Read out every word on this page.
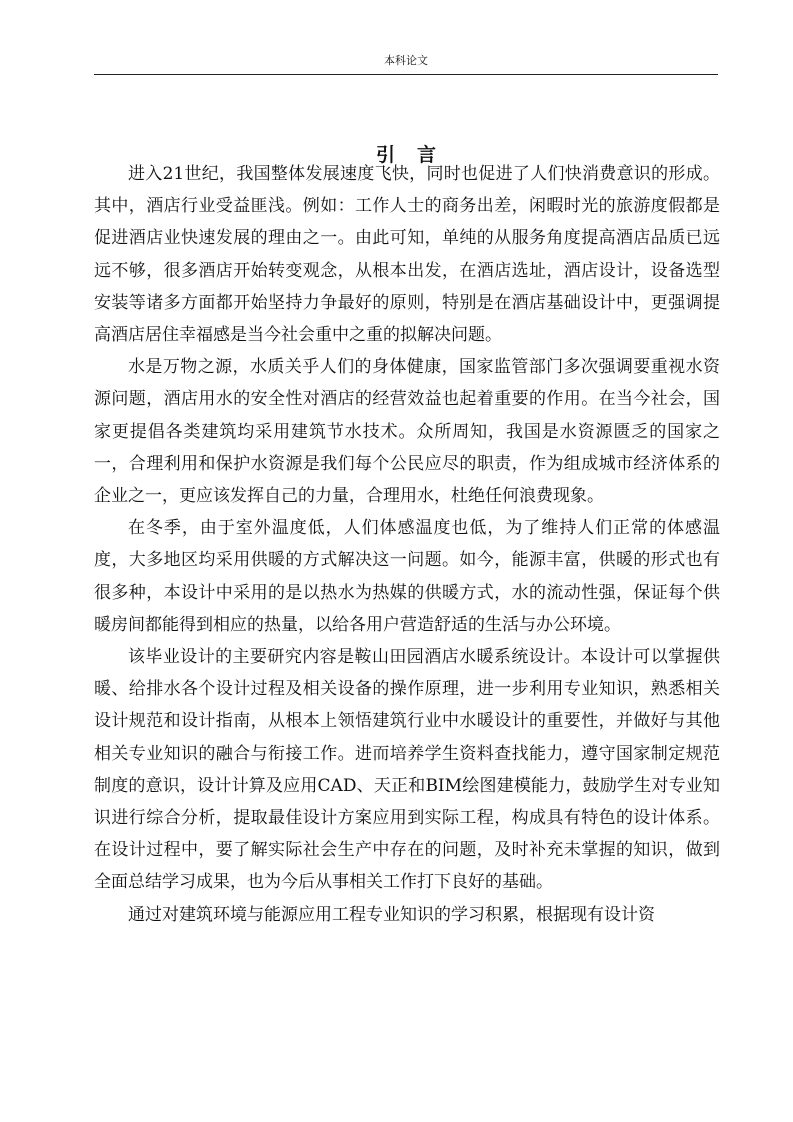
本科论文
引言

进入21世纪，我国整体发展速度飞快，同时也促进了人们快消费意识的形成。其中，酒店行业受益匪浅。例如：工作人士的商务出差，闲暇时光的旅游度假都是促进酒店业快速发展的理由之一。由此可知，单纯的从服务角度提高酒店品质已远远不够，很多酒店开始转变观念，从根本出发，在酒店选址，酒店设计，设备选型安装等诸多方面都开始坚持力争最好的原则，特别是在酒店基础设计中，更强调提高酒店居住幸福感是当今社会重中之重的拟解决问题。

水是万物之源，水质关乎人们的身体健康，国家监管部门多次强调要重视水资源问题，酒店用水的安全性对酒店的经营效益也起着重要的作用。在当今社会，国家更提倡各类建筑均采用建筑节水技术。众所周知，我国是水资源匮乏的国家之一，合理利用和保护水资源是我们每个公民应尽的职责，作为组成城市经济体系的企业之一，更应该发挥自己的力量，合理用水，杜绝任何浪费现象。

在冬季，由于室外温度低，人们体感温度也低，为了维持人们正常的体感温度，大多地区均采用供暖的方式解决这一问题。如今，能源丰富，供暖的形式也有很多种，本设计中采用的是以热水为热媒的供暖方式，水的流动性强，保证每个供暖房间都能得到相应的热量，以给各用户营造舒适的生活与办公环境。

该毕业设计的主要研究内容是鞍山田园酒店水暖系统设计。本设计可以掌握供暖、给排水各个设计过程及相关设备的操作原理，进一步利用专业知识，熟悉相关设计规范和设计指南，从根本上领悟建筑行业中水暖设计的重要性，并做好与其他相关专业知识的融合与衔接工作。进而培养学生资料查找能力，遵守国家制定规范制度的意识，设计计算及应用CAD、天正和BIM绘图建模能力，鼓励学生对专业知识进行综合分析，提取最佳设计方案应用到实际工程，构成具有特色的设计体系。在设计过程中，要了解实际社会生产中存在的问题，及时补充未掌握的知识，做到全面总结学习成果，也为今后从事相关工作打下良好的基础。

通过对建筑环境与能源应用工程专业知识的学习积累，根据现有设计资
